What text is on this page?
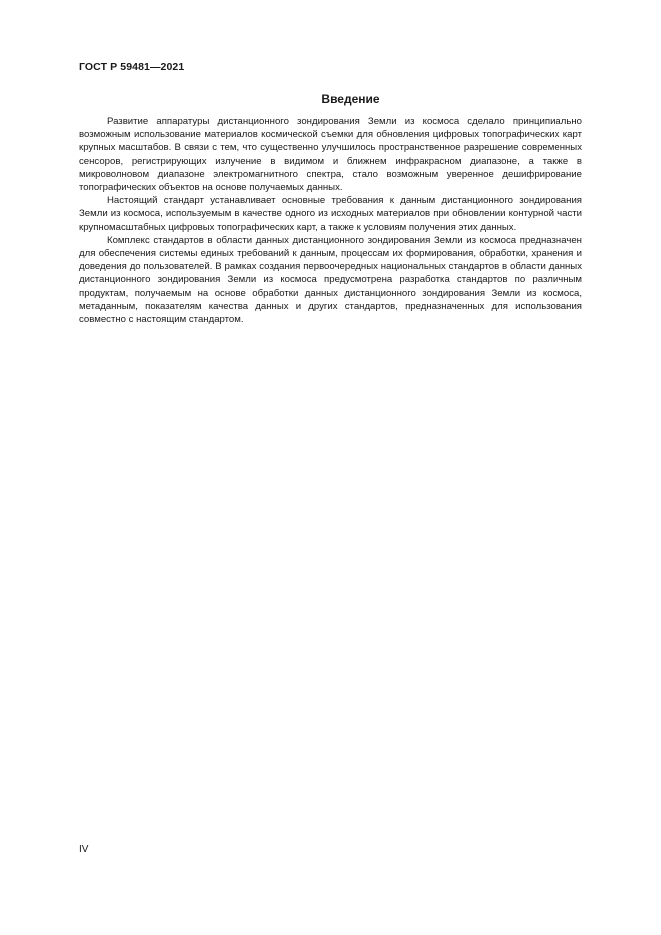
ГОСТ Р 59481—2021
Введение

Развитие аппаратуры дистанционного зондирования Земли из космоса сделало принципиально возможным использование материалов космической съемки для обновления цифровых топографических карт крупных масштабов. В связи с тем, что существенно улучшилось пространственное разрешение современных сенсоров, регистрирующих излучение в видимом и ближнем инфракрасном диапазоне, а также в микроволновом диапазоне электромагнитного спектра, стало возможным уверенное дешифрирование топографических объектов на основе получаемых данных.

Настоящий стандарт устанавливает основные требования к данным дистанционного зондирования Земли из космоса, используемым в качестве одного из исходных материалов при обновлении контурной части крупномасштабных цифровых топографических карт, а также к условиям получения этих данных.

Комплекс стандартов в области данных дистанционного зондирования Земли из космоса предназначен для обеспечения системы единых требований к данным, процессам их формирования, обработки, хранения и доведения до пользователей. В рамках создания первоочередных национальных стандартов в области данных дистанционного зондирования Земли из космоса предусмотрена разработка стандартов по различным продуктам, получаемым на основе обработки данных дистанционного зондирования Земли из космоса, метаданным, показателям качества данных и других стандартов, предназначенных для использования совместно с настоящим стандартом.

IV
